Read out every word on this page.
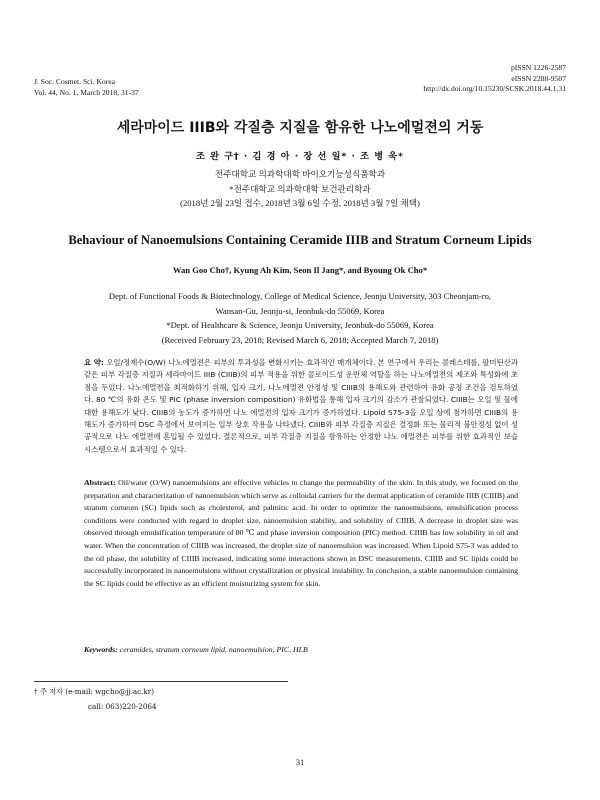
J. Soc. Cosmet. Sci. Korea
Vol. 44, No. 1, March 2018, 31-37
pISSN 1226-2587
eISSN 2288-9507
http://dx.doi.org/10.15230/SCSK.2018.44.1.31
세라마이드 IIIB와 각질층 지질을 함유한 나노에멀젼의 거동
조 완 구† · 김 경 아 · 장 선 일* · 조 병 욱*
전주대학교 의과학대학 바이오기능성식품학과
*전주대학교 의과학대학 보건관리학과
(2018년 2월 23일 접수, 2018년 3월 6일 수정, 2018년 3월 7일 채택)
Behaviour of Nanoemulsions Containing Ceramide IIIB and Stratum Corneum Lipids
Wan Goo Cho†, Kyung Ah Kim, Seon Il Jang*, and Byoung Ok Cho*
Dept. of Functional Foods & Biotechnology, College of Medical Science, Jeonju University, 303 Cheonjam-ro,
Wansan-Gu, Jeonju-si, Jeonbuk-do 55069, Korea
*Dept. of Healthcare & Science, Jeonju University, Jeonbuk-do 55069, Korea
(Received February 23, 2018; Revised March 6, 2018; Accepted March 7, 2018)
요 약: 오일/정제수(O/W) 나노에멀젼은 피부의 투과성을 변화시키는 효과적인 매개체이다. 본 연구에서 우리는 콜레스테롤, 팔미틴산과 같은 피부 각질층 지질과 세라마이드 IIIB (CIIIB)의 피부 적용을 위한 콜로이드성 운반체 역할을 하는 나노에멀젼의 제조와 특성화에 초점을 두었다. 나노에멀젼을 최적화하기 위해, 입자 크기, 나노에멀젼 안정성 및 CIIIB의 용해도와 관련하여 유화 공정 조건을 검토하였다. 80 ℃의 유화 온도 및 PIC (phase inversion composition) 유화법을 통해 입자 크기의 감소가 관찰되었다. CIIIB는 오일 및 물에 대한 용해도가 낮다. CIIIB의 농도가 증가하면 나노 에멀젼의 입자 크기가 증가하였다. Lipoid S75-3을 오일 상에 첨가하면 CIIIB의 용해도가 증가하여 DSC 측정에서 보여지는 일부 상호 작용을 나타냈다. CIIIB와 피부 각질층 지질은 결정화 또는 물리적 불안정성 없이 성공적으로 나노 에멀젼에 혼입될 수 있었다. 결론적으로, 피부 각질층 지질을 함유하는 안정한 나노 에멀젼은 피부를 위한 효과적인 보습 시스템으로서 효과적일 수 있다.
Abstract: Oil/water (O/W) nanoemulsions are effective vehicles to change the permeability of the skin. In this study, we focused on the preparation and characterization of nanoemulsion which serve as colloidal carriers for the dermal application of ceramide IIIB (CIIIB) and stratum corneum (SC) lipids such as cholesterol, and palmitic acid. In order to optimize the nanoemulsions, emulsification process conditions were conducted with regard to droplet size, nanoemulsion stability, and solubility of CIIIB. A decrease in droplet size was observed through emulsification temperature of 80 ℃ and phase inversion composition (PIC) method. CIIIB has low solubility in oil and water. When the concentration of CIIIB was increased, the droplet size of nanoemulsion was increased. When Lipoid S75-3 was added to the oil phase, the solubility of CIIIB increased, indicating some interactions shown in DSC measurements. CIIIB and SC lipids could be successfully incorporated in nanoemulsions without crystallization or physical instability. In conclusion, a stable nanoemulsion containing the SC lipids could be effective as an efficient moisturizing system for skin.
Keywords: ceramides, stratum corneum lipid, nanoemulsion, PIC, HLB
† 주 저자 (e-mail: wgcho@jj.ac.kr)
call: 063)220-2064
31
